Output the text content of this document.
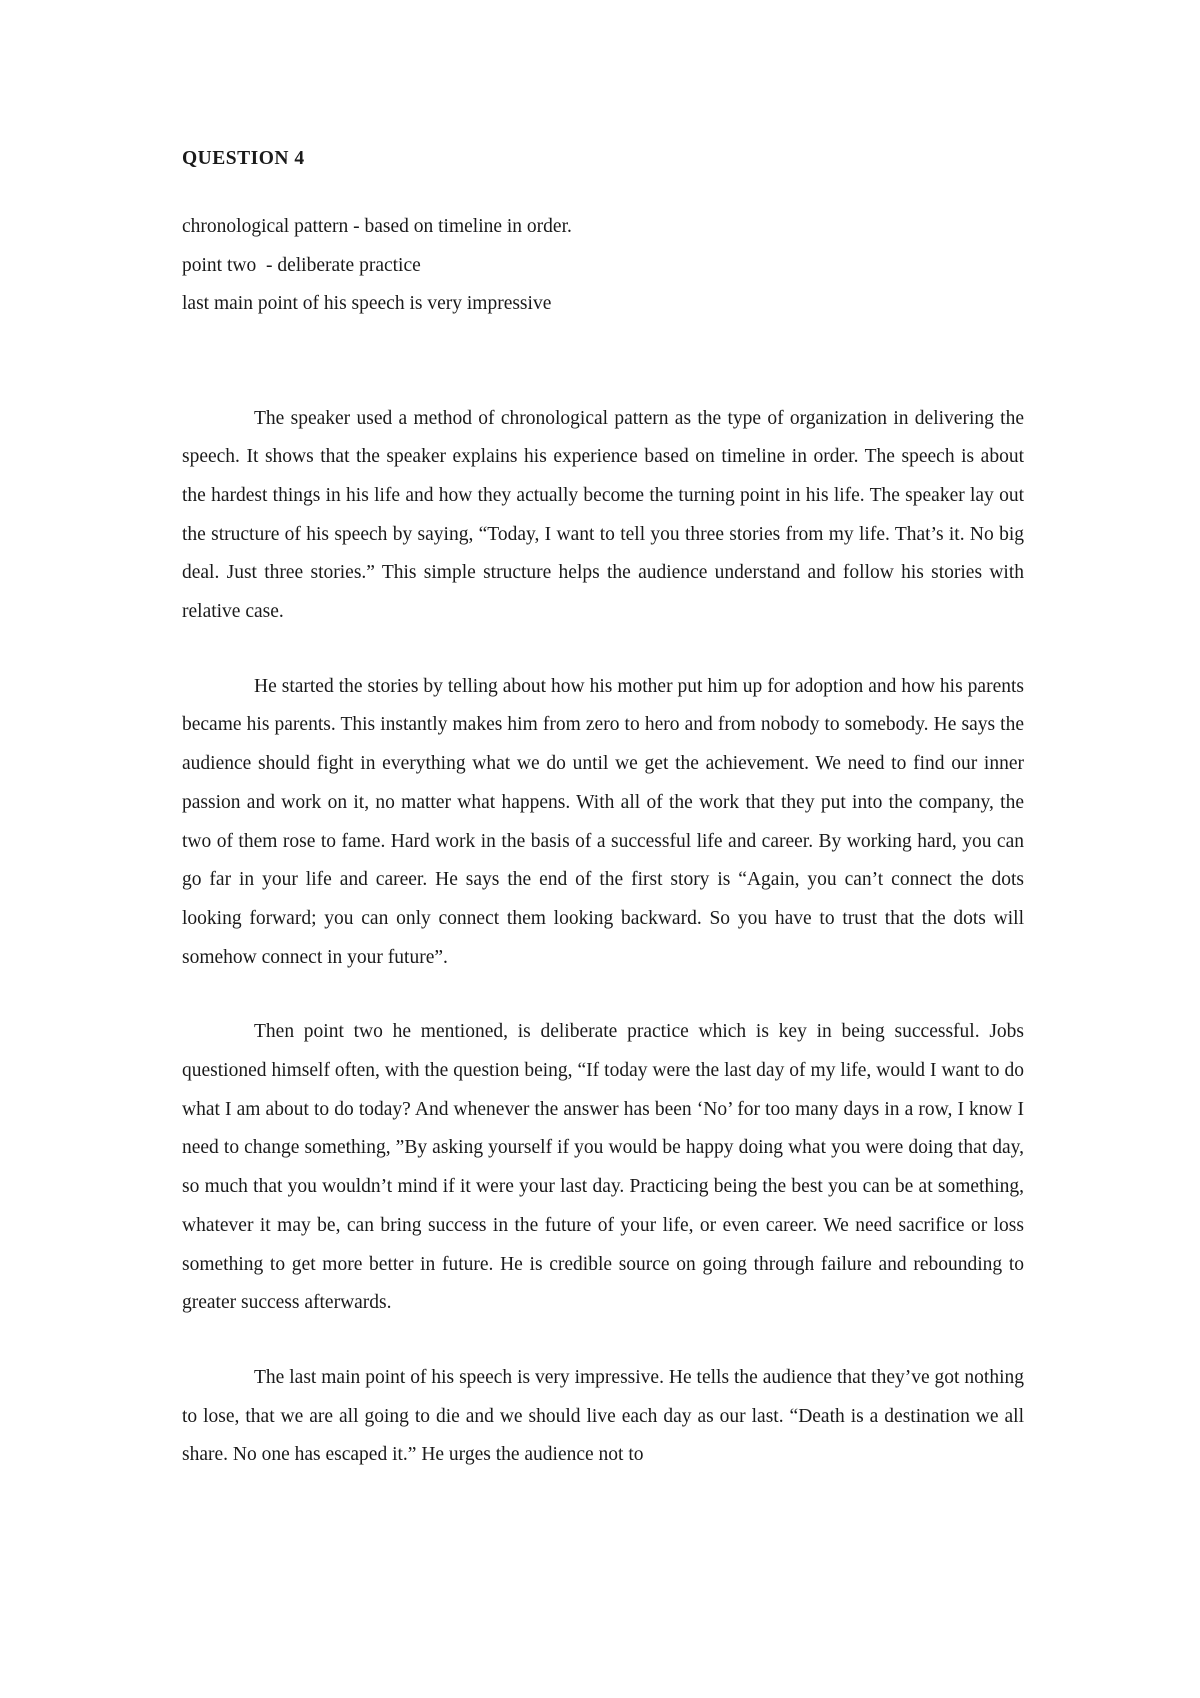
QUESTION 4
chronological pattern - based on timeline in order.
point two  - deliberate practice
last main point of his speech is very impressive

The speaker used a method of chronological pattern as the type of organization in delivering the speech. It shows that the speaker explains his experience based on timeline in order. The speech is about the hardest things in his life and how they actually become the turning point in his life. The speaker lay out the structure of his speech by saying, “Today, I want to tell you three stories from my life. That’s it. No big deal. Just three stories.” This simple structure helps the audience understand and follow his stories with relative case.

He started the stories by telling about how his mother put him up for adoption and how his parents became his parents. This instantly makes him from zero to hero and from nobody to somebody. He says the audience should fight in everything what we do until we get the achievement. We need to find our inner passion and work on it, no matter what happens. With all of the work that they put into the company, the two of them rose to fame. Hard work in the basis of a successful life and career. By working hard, you can go far in your life and career. He says the end of the first story is “Again, you can’t connect the dots looking forward; you can only connect them looking backward. So you have to trust that the dots will somehow connect in your future”.

Then point two he mentioned, is deliberate practice which is key in being successful. Jobs questioned himself often, with the question being, “If today were the last day of my life, would I want to do what I am about to do today? And whenever the answer has been ‘No’ for too many days in a row, I know I need to change something, ”By asking yourself if you would be happy doing what you were doing that day, so much that you wouldn’t mind if it were your last day. Practicing being the best you can be at something, whatever it may be, can bring success in the future of your life, or even career. We need sacrifice or loss something to get more better in future. He is credible source on going through failure and rebounding to greater success afterwards.

The last main point of his speech is very impressive. He tells the audience that they’ve got nothing to lose, that we are all going to die and we should live each day as our last. “Death is a destination we all share. No one has escaped it.” He urges the audience not to
